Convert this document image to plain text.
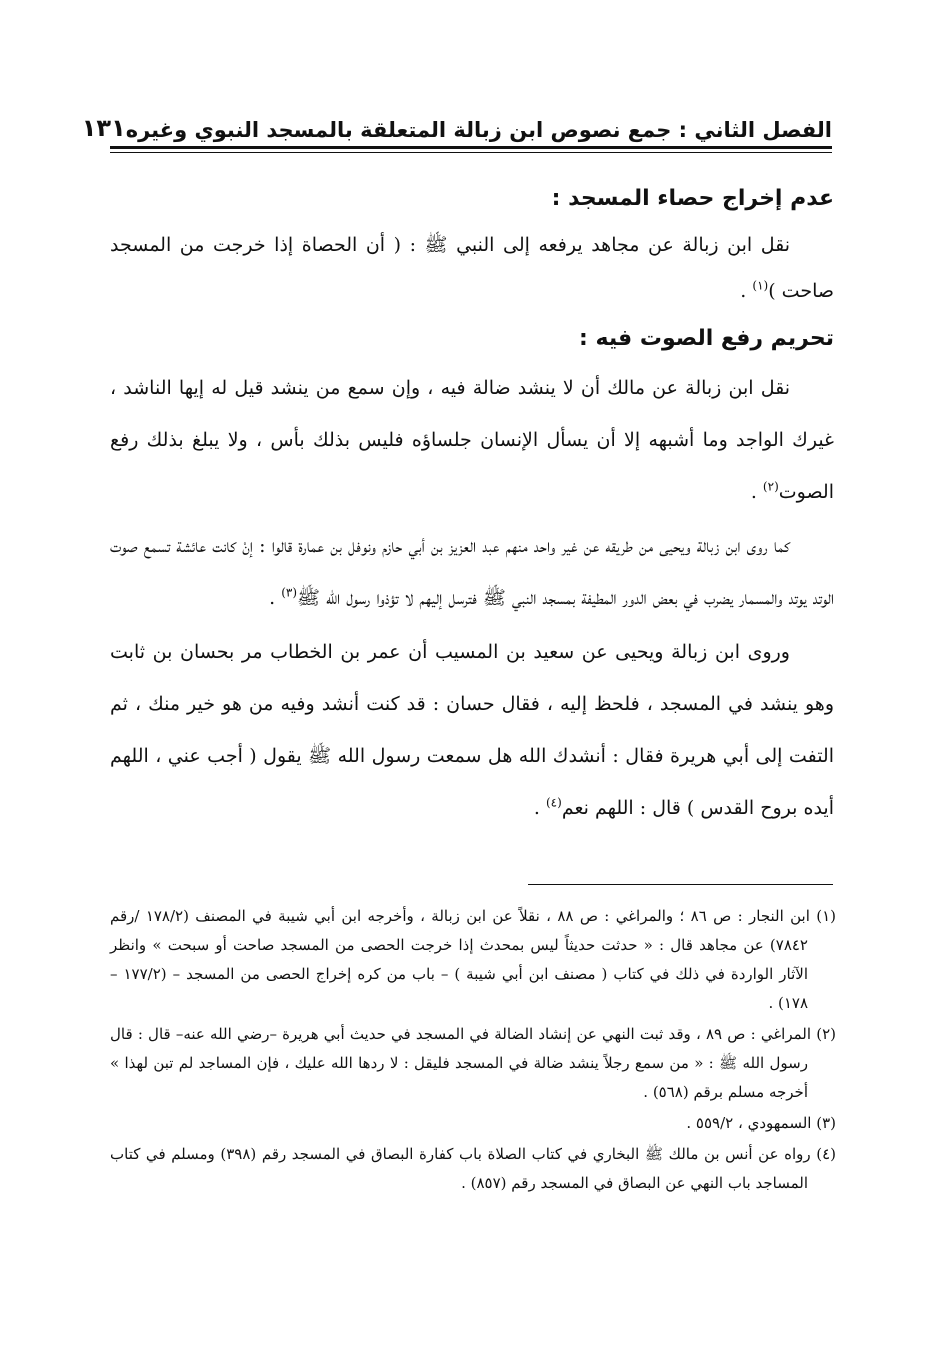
الفصل الثاني : جمع نصوص ابن زبالة المتعلقة بالمسجد النبوي وغيره
١٣١
عدم إخراج حصاء المسجد :

نقل ابن زبالة عن مجاهد يرفعه إلى النبي ﷺ : ( أن الحصاة إذا خرجت من المسجد صاحت )$^{(١)}$ .

تحريم رفع الصوت فيه :

نقل ابن زبالة عن مالك أن لا ينشد ضالة فيه ، وإن سمع من ينشد قيل له إيها الناشد ، غيرك الواجد وما أشبهه إلا أن يسأل الإنسان جلساؤه فليس بذلك بأس ، ولا يبلغ بذلك رفع الصوت$^{(٢)}$ .

كما روى ابن زبالة ويحيى من طريقه عن غير واحد منهم عبد العزيز بن أبي حازم ونوفل بن عمارة قالوا : إنْ كانت عائشة تسمع صوت الوتد يوتد والمسمار يضرب في بعض الدور المطيفة بمسجد النبي ﷺ فترسل إليهم لا تؤذوا رسول الله ﷺ$^{(٣)}$ .

وروى ابن زبالة ويحيى عن سعيد بن المسيب أن عمر بن الخطاب مر بحسان بن ثابت وهو ينشد في المسجد ، فلحظ إليه ، فقال حسان : قد كنت أنشد وفيه من هو خير منك ، ثم التفت إلى أبي هريرة فقال : أنشدك الله هل سمعت رسول الله ﷺ يقول ( أجب عني ، اللهم أيده بروح القدس ) قال : اللهم نعم$^{(٤)}$ .

(١) ابن النجار : ص ٨٦ ؛ والمراغي : ص ٨٨ ، نقلاً عن ابن زبالة ، وأخرجه ابن أبي شيبة في المصنف (١٧٨/٢ /رقم ٧٨٤٢) عن مجاهد قال : « حدثت حديثاً ليس بمحدث إذا خرجت الحصى من المسجد صاحت أو سبحت » وانظر الآثار الواردة في ذلك في كتاب ( مصنف ابن أبي شيبة ) – باب من كره إخراج الحصى من المسجد – (١٧٧/٢ –١٧٨) .

(٢) المراغي : ص ٨٩ ، وقد ثبت النهي عن إنشاد الضالة في المسجد في حديث أبي هريرة –رضي الله عنه– قال : قال رسول الله ﷺ : « من سمع رجلاً ينشد ضالة في المسجد فليقل : لا ردها الله عليك ، فإن المساجد لم تبن لهذا » أخرجه مسلم برقم (٥٦٨) .

(٣) السمهودي ، ٥٥٩/٢ .

(٤) رواه عن أنس بن مالك ﷺ البخاري في كتاب الصلاة باب كفارة البصاق في المسجد رقم (٣٩٨) ومسلم في كتاب المساجد باب النهي عن البصاق في المسجد رقم (٨٥٧) .
